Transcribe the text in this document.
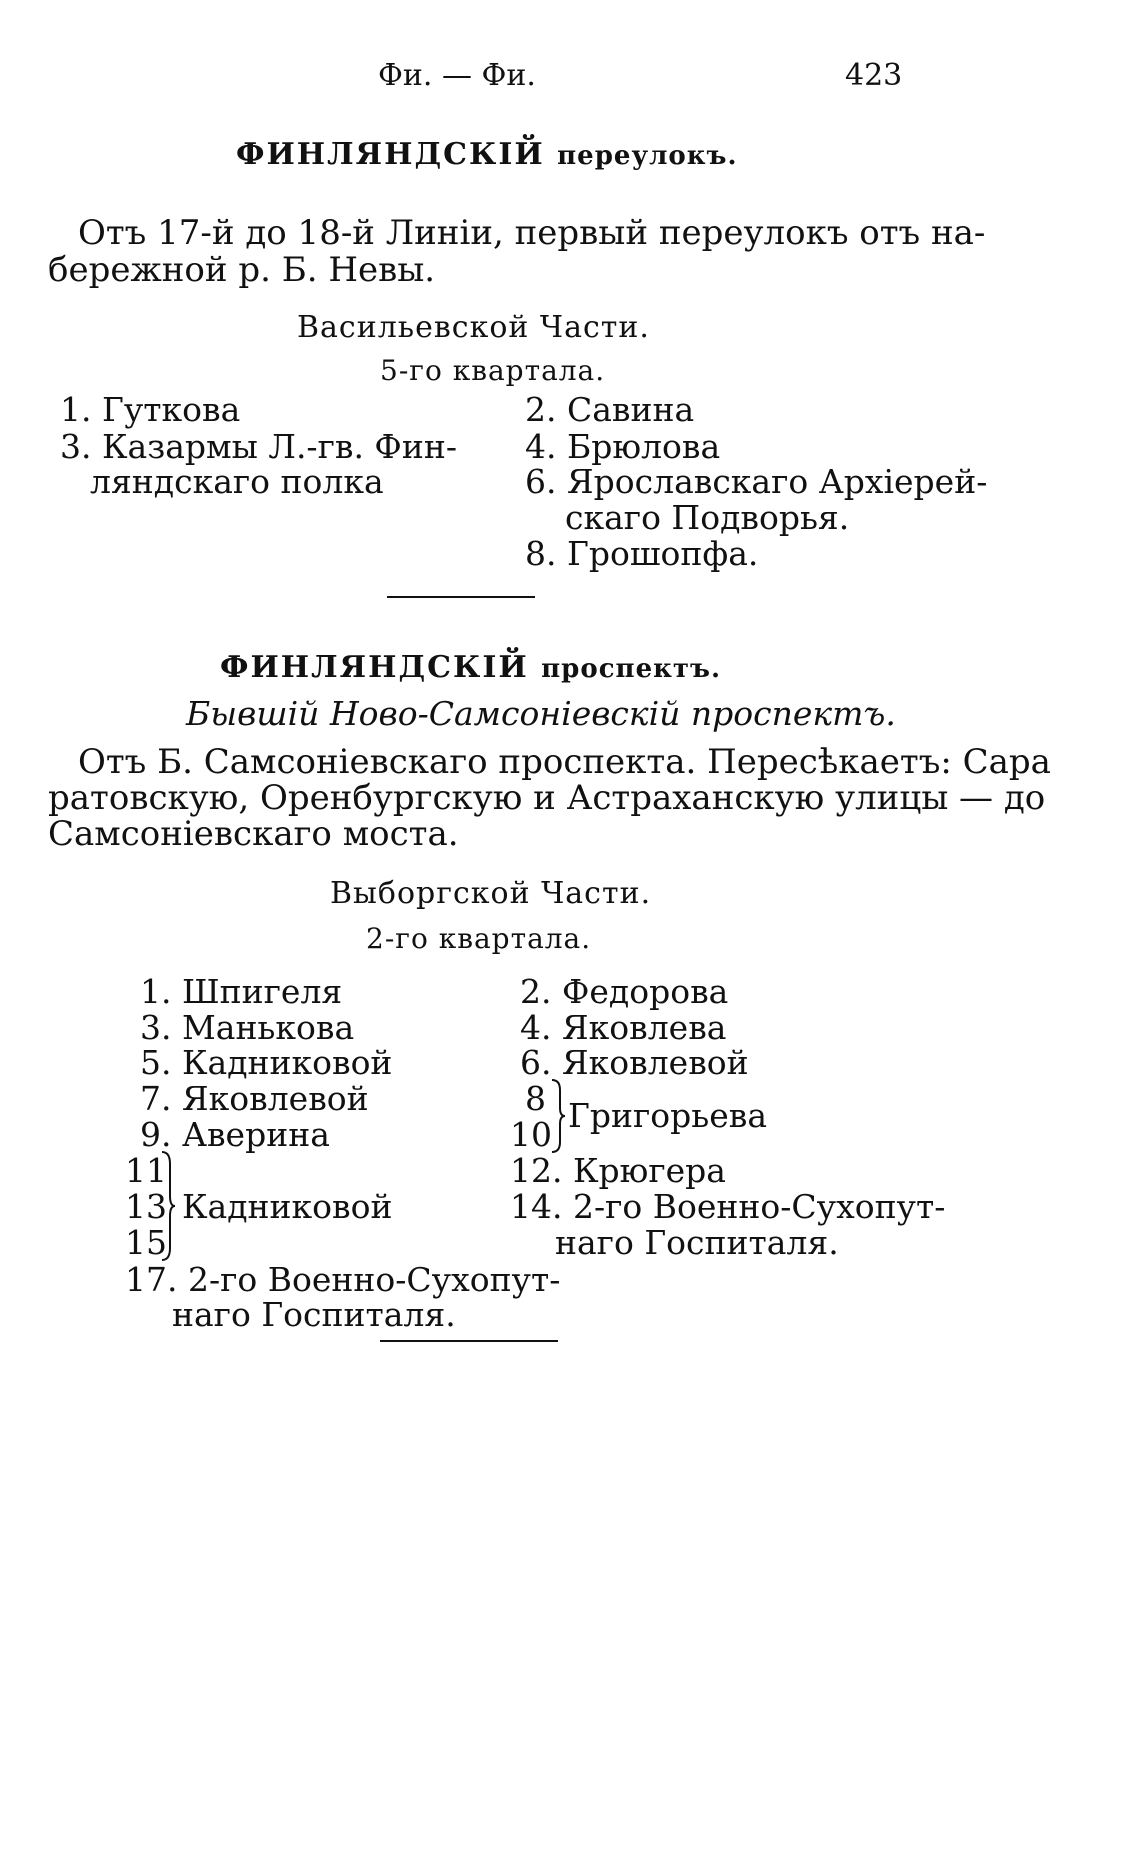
Фи. — Фи.	423
ФИНЛЯНДСКІЙ переулокъ.
Отъ 17-й до 18-й Линіи, первый переулокъ отъ на-
бережной р. Б. Невы.
Васильевской Части.
5-го квартала.
1. Гуткова
3. Казармы Л.-гв. Фин-
ляндскаго полка
2. Савина
4. Брюлова
6. Ярославскаго Архіерей-
скаго Подворья.
8. Грошопфа.
ФИНЛЯНДСКІЙ проспектъ.
Бывшій Ново-Самсоніевскій проспектъ.
Отъ Б. Самсоніевскаго проспекта. Пересѣкаетъ: Сара
ратовскую, Оренбургскую и Астраханскую улицы — до
Самсоніевскаго моста.
Выборгской Части.
2-го квартала.
1. Шпигеля
3. Манькова
5. Кадниковой
7. Яковлевой
9. Аверина
11
13
15
Кадниковой
17. 2-го Военно-Сухопут-
наго Госпиталя.
2. Федорова
4. Яковлева
6. Яковлевой
8
10 Григорьева
12. Крюгера
14. 2-го Военно-Сухопут-
наго Госпиталя.
